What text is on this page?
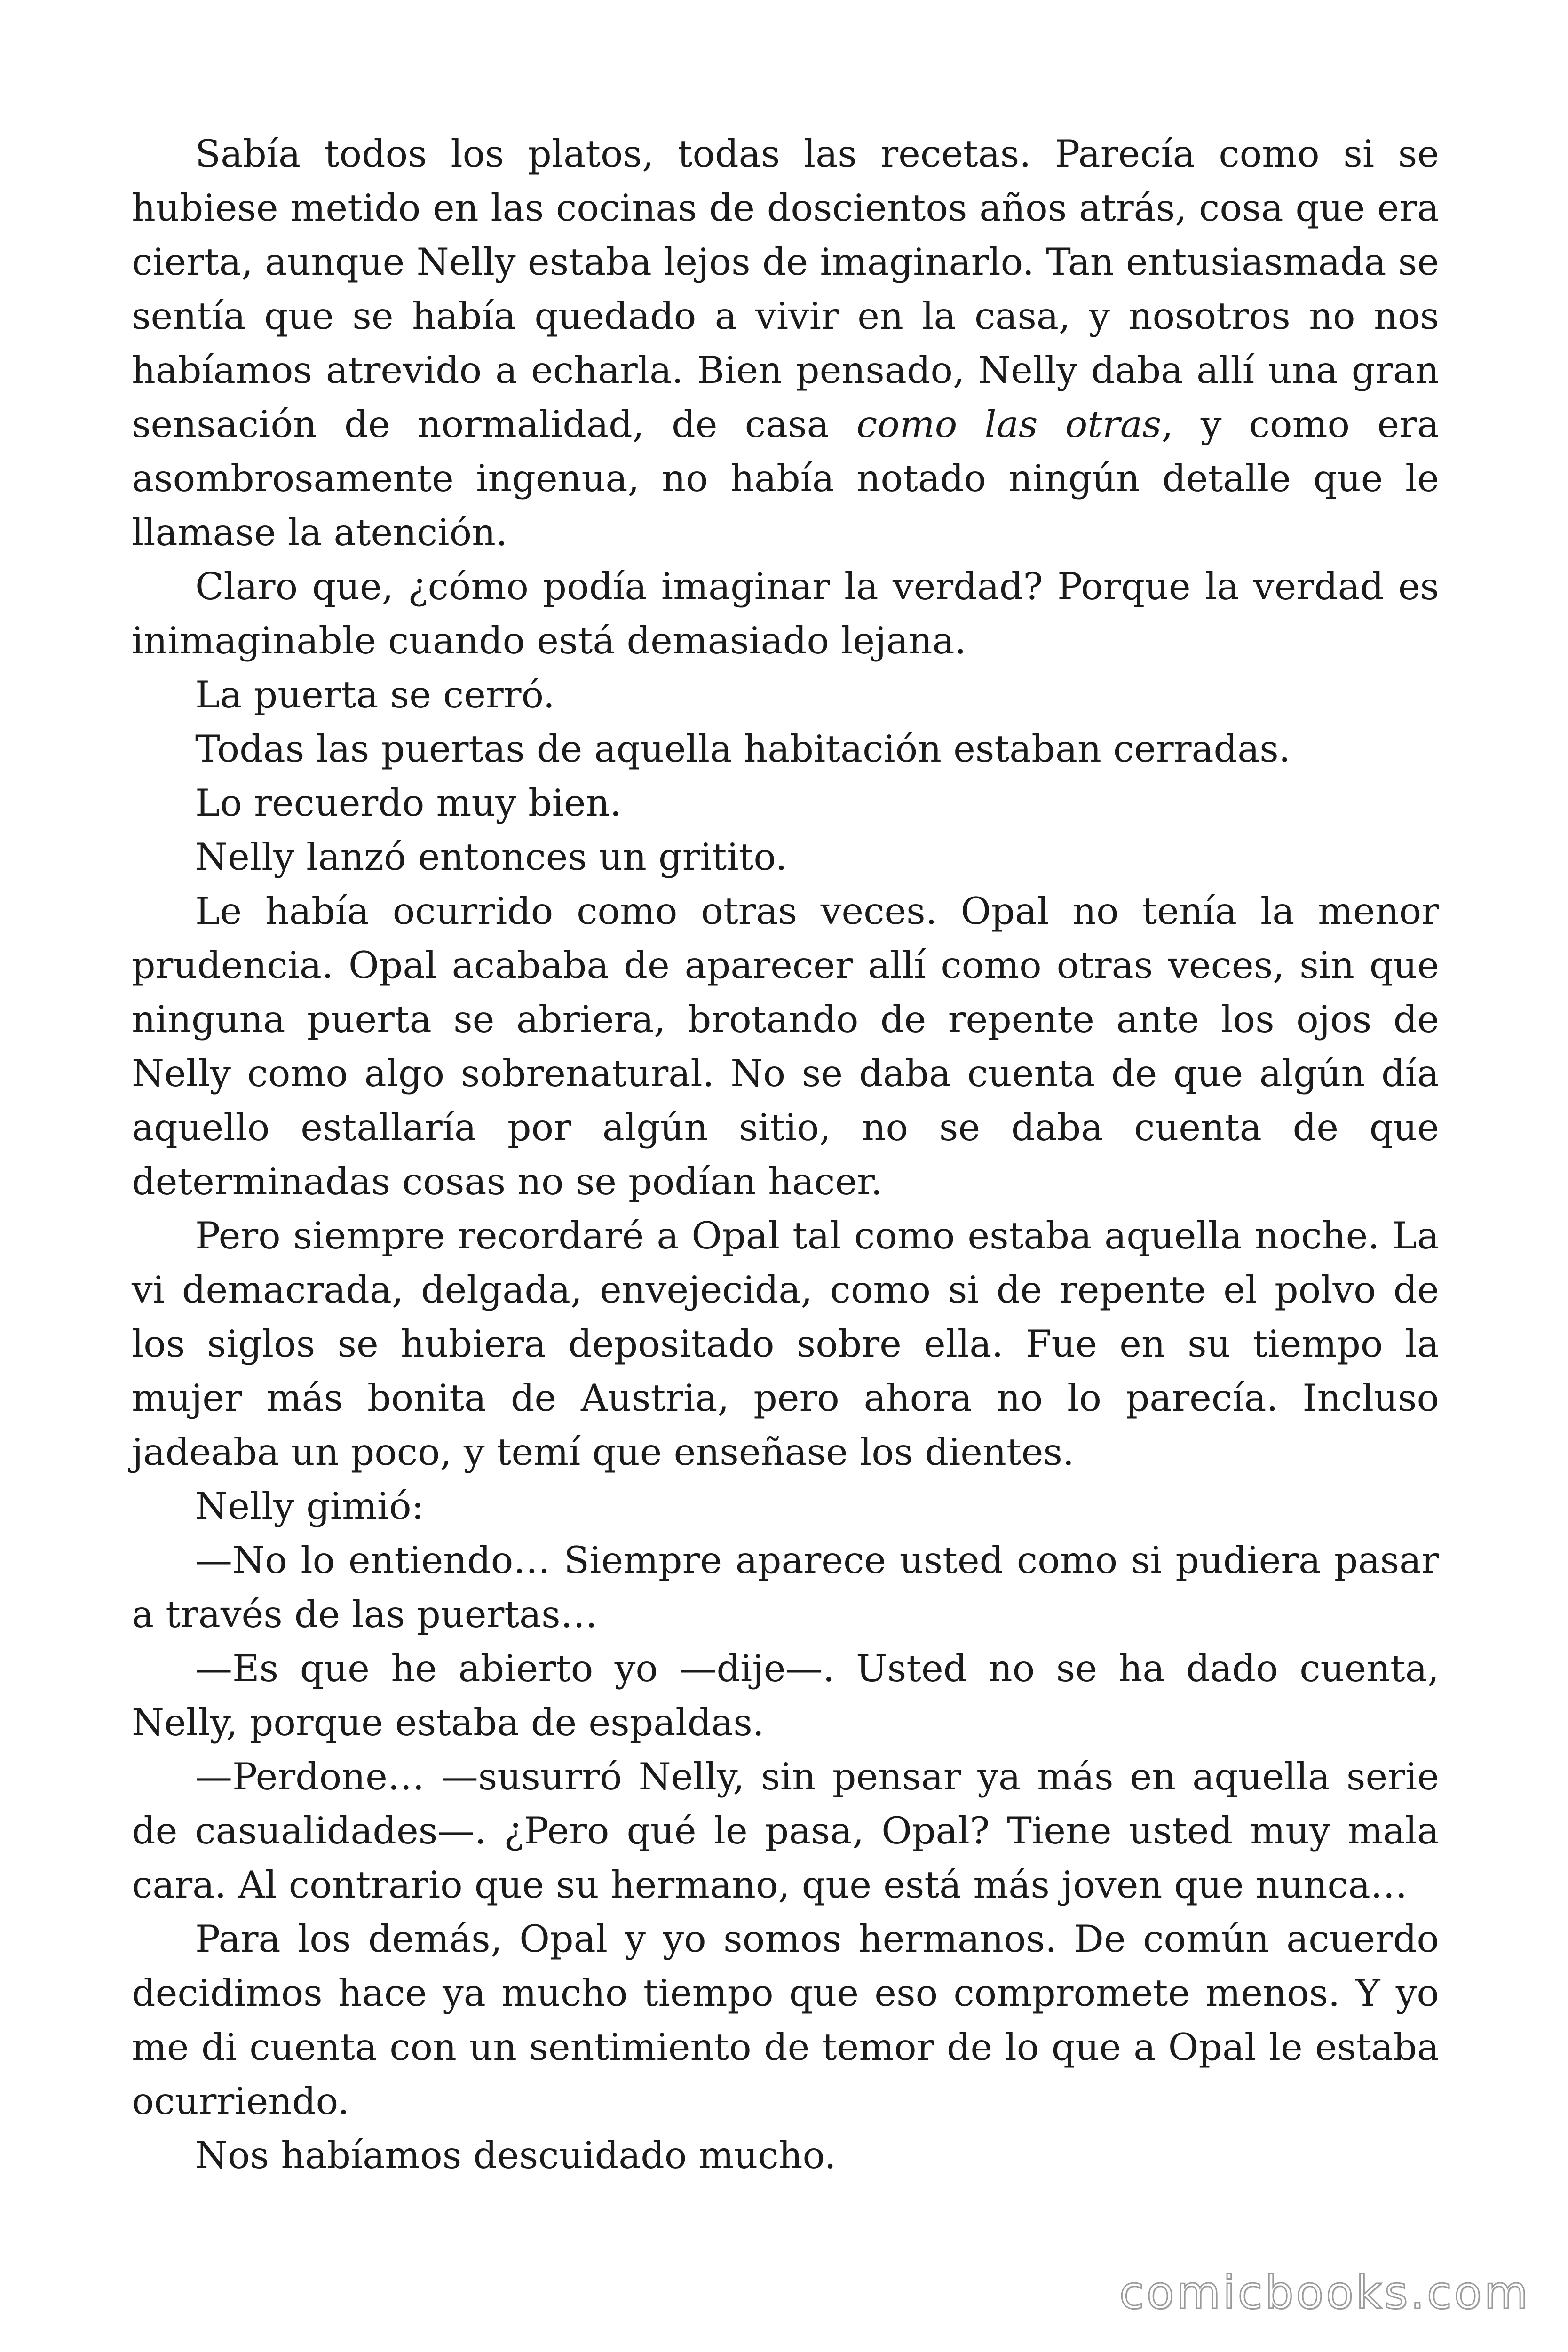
Sabía todos los platos, todas las recetas. Parecía como si se hubiese metido en las cocinas de doscientos años atrás, cosa que era cierta, aunque Nelly estaba lejos de imaginarlo. Tan entusiasmada se sentía que se había quedado a vivir en la casa, y nosotros no nos habíamos atrevido a echarla. Bien pensado, Nelly daba allí una gran sensación de normalidad, de casa como las otras, y como era asombrosamente ingenua, no había notado ningún detalle que le llamase la atención.

Claro que, ¿cómo podía imaginar la verdad? Porque la verdad es inimaginable cuando está demasiado lejana.

La puerta se cerró.

Todas las puertas de aquella habitación estaban cerradas.

Lo recuerdo muy bien.

Nelly lanzó entonces un gritito.

Le había ocurrido como otras veces. Opal no tenía la menor prudencia. Opal acababa de aparecer allí como otras veces, sin que ninguna puerta se abriera, brotando de repente ante los ojos de Nelly como algo sobrenatural. No se daba cuenta de que algún día aquello estallaría por algún sitio, no se daba cuenta de que determinadas cosas no se podían hacer.

Pero siempre recordaré a Opal tal como estaba aquella noche. La vi demacrada, delgada, envejecida, como si de repente el polvo de los siglos se hubiera depositado sobre ella. Fue en su tiempo la mujer más bonita de Austria, pero ahora no lo parecía. Incluso jadeaba un poco, y temí que enseñase los dientes.

Nelly gimió:

—No lo entiendo… Siempre aparece usted como si pudiera pasar a través de las puertas…

—Es que he abierto yo —dije—. Usted no se ha dado cuenta, Nelly, porque estaba de espaldas.

—Perdone… —susurró Nelly, sin pensar ya más en aquella serie de casualidades—. ¿Pero qué le pasa, Opal? Tiene usted muy mala cara. Al contrario que su hermano, que está más joven que nunca…

Para los demás, Opal y yo somos hermanos. De común acuerdo decidimos hace ya mucho tiempo que eso compromete menos. Y yo me di cuenta con un sentimiento de temor de lo que a Opal le estaba ocurriendo.

Nos habíamos descuidado mucho.

comicbooks.com
